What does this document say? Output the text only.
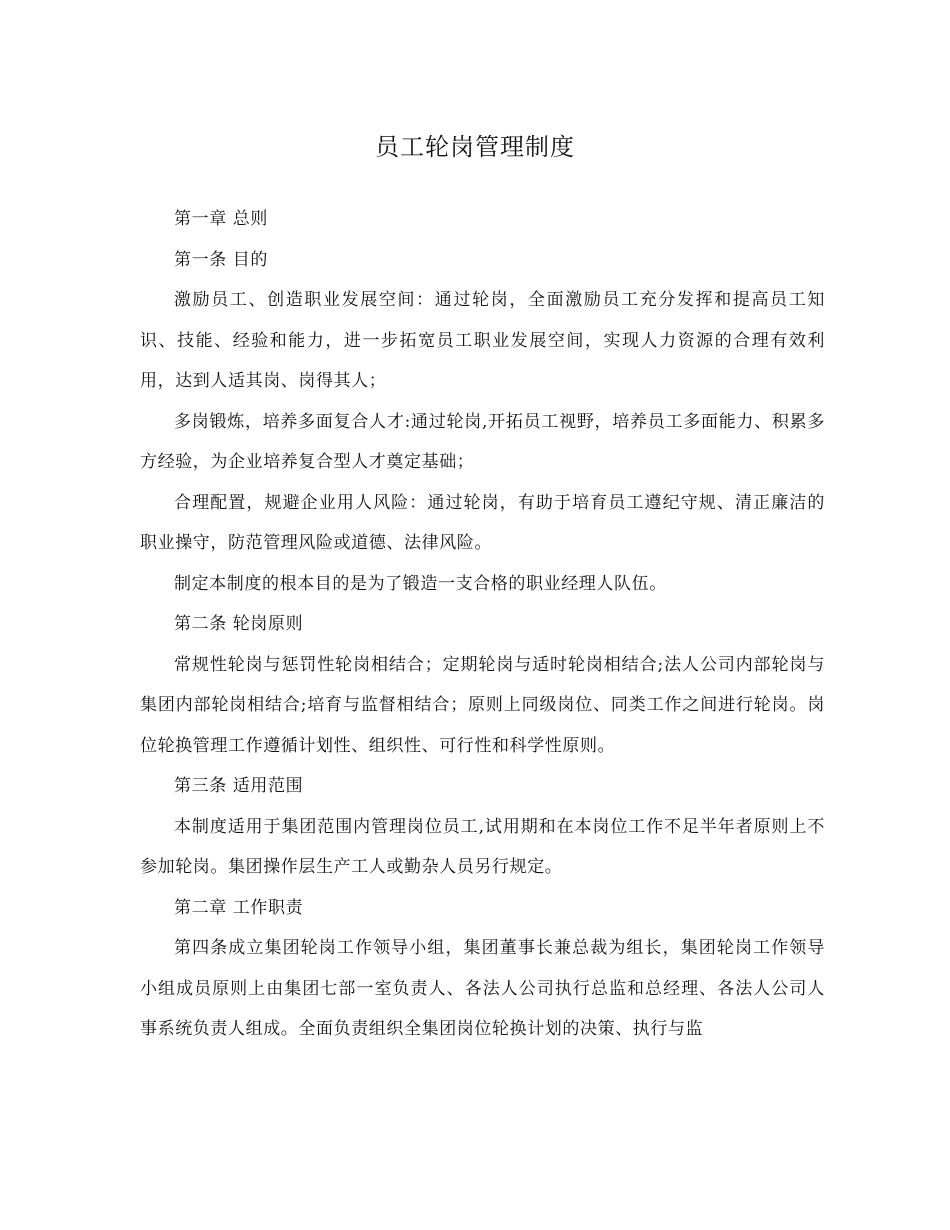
员工轮岗管理制度

第一章 总则

第一条 目的

激励员工、创造职业发展空间：通过轮岗，全面激励员工充分发挥和提高员工知识、技能、经验和能力，进一步拓宽员工职业发展空间，实现人力资源的合理有效利用，达到人适其岗、岗得其人；

多岗锻炼，培养多面复合人才:通过轮岗,开拓员工视野，培养员工多面能力、积累多方经验，为企业培养复合型人才奠定基础；

合理配置，规避企业用人风险：通过轮岗，有助于培育员工遵纪守规、清正廉洁的职业操守，防范管理风险或道德、法律风险。

制定本制度的根本目的是为了锻造一支合格的职业经理人队伍。

第二条 轮岗原则

常规性轮岗与惩罚性轮岗相结合；定期轮岗与适时轮岗相结合;法人公司内部轮岗与集团内部轮岗相结合;培育与监督相结合；原则上同级岗位、同类工作之间进行轮岗。岗位轮换管理工作遵循计划性、组织性、可行性和科学性原则。

第三条 适用范围

本制度适用于集团范围内管理岗位员工,试用期和在本岗位工作不足半年者原则上不参加轮岗。集团操作层生产工人或勤杂人员另行规定。

第二章 工作职责

第四条成立集团轮岗工作领导小组，集团董事长兼总裁为组长，集团轮岗工作领导小组成员原则上由集团七部一室负责人、各法人公司执行总监和总经理、各法人公司人事系统负责人组成。全面负责组织全集团岗位轮换计划的决策、执行与监
